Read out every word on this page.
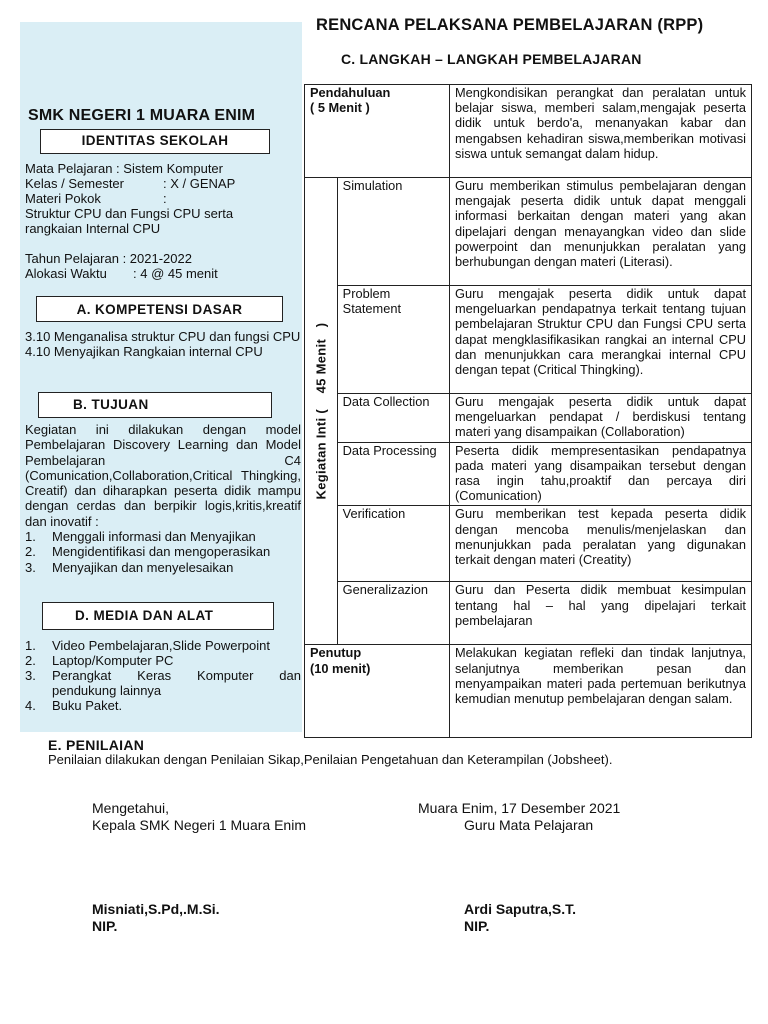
SMK NEGERI 1 MUARA ENIM
IDENTITAS SEKOLAH
Mata Pelajaran : Sistem Komputer
Kelas / Semester	: X / GENAP
Materi Pokok	:
Struktur CPU dan Fungsi CPU serta rangkaian Internal CPU
Tahun Pelajaran : 2021-2022
Alokasi Waktu	: 4 @ 45 menit
A. KOMPETENSI DASAR
3.10 Menganalisa struktur CPU dan fungsi CPU
4.10 Menyajikan Rangkaian internal CPU
B. TUJUAN
Kegiatan ini dilakukan dengan model Pembelajaran Discovery Learning dan Model Pembelajaran C4 (Comunication,Collaboration,Critical Thingking, Creatif) dan diharapkan peserta didik mampu dengan cerdas dan berpikir logis,kritis,kreatif dan inovatif :
1.	Menggali informasi dan Menyajikan
2.	Mengidentifikasi dan mengoperasikan
3.	Menyajikan dan menyelesaikan
D. MEDIA DAN ALAT
1.	Video Pembelajaran,Slide Powerpoint
2.	Laptop/Komputer PC
3.	Perangkat Keras Komputer dan pendukung lainnya
4.	Buku Paket.
RENCANA PELAKSANA PEMBELAJARAN (RPP)
C. LANGKAH – LANGKAH PEMBELAJARAN
Pendahuluan
( 5 Menit )		Mengkondisikan perangkat dan peralatan untuk belajar siswa, memberi salam,mengajak peserta didik untuk berdo'a, menanyakan kabar dan mengabsen kehadiran siswa,memberikan motivasi siswa untuk semangat dalam hidup.

Kegiatan Inti (    45 Menit   )	Simulation	Guru memberikan stimulus pembelajaran dengan mengajak peserta didik untuk dapat menggali informasi berkaitan dengan materi yang akan dipelajari dengan menayangkan video dan slide powerpoint dan menunjukkan peralatan yang berhubungan dengan materi (Literasi).
	Problem Statement	Guru mengajak peserta didik untuk dapat mengeluarkan pendapatnya terkait tentang tujuan pembelajaran Struktur CPU dan Fungsi CPU serta dapat mengklasifikasikan rangkai an internal CPU dan menunjukkan cara merangkai internal CPU dengan tepat (Critical Thingking).
	Data Collection	Guru mengajak peserta didik untuk dapat mengeluarkan pendapat / berdiskusi tentang materi yang disampaikan (Collaboration)
	Data Processing	Peserta didik mempresentasikan pendapatnya pada materi yang disampaikan tersebut dengan rasa ingin tahu,proaktif dan percaya diri (Comunication)
	Verification	Guru memberikan test kepada peserta didik dengan mencoba menulis/menjelaskan dan menunjukkan pada peralatan yang digunakan terkait dengan materi (Creatity)
	Generalizazion	Guru dan Peserta didik membuat kesimpulan tentang hal – hal yang dipelajari terkait pembelajaran

Penutup
(10 menit)		Melakukan kegiatan refleki dan tindak lanjutnya, selanjutnya memberikan pesan dan menyampaikan materi pada pertemuan berikutnya kemudian menutup pembelajaran dengan salam.
E. PENILAIAN
Penilaian dilakukan dengan Penilaian Sikap,Penilaian Pengetahuan dan Keterampilan (Jobsheet).
Mengetahui,
Kepala SMK Negeri 1 Muara Enim
Misniati,S.Pd,.M.Si.
NIP.
Muara Enim, 17 Desember 2021
Guru Mata Pelajaran
Ardi Saputra,S.T.
NIP.
